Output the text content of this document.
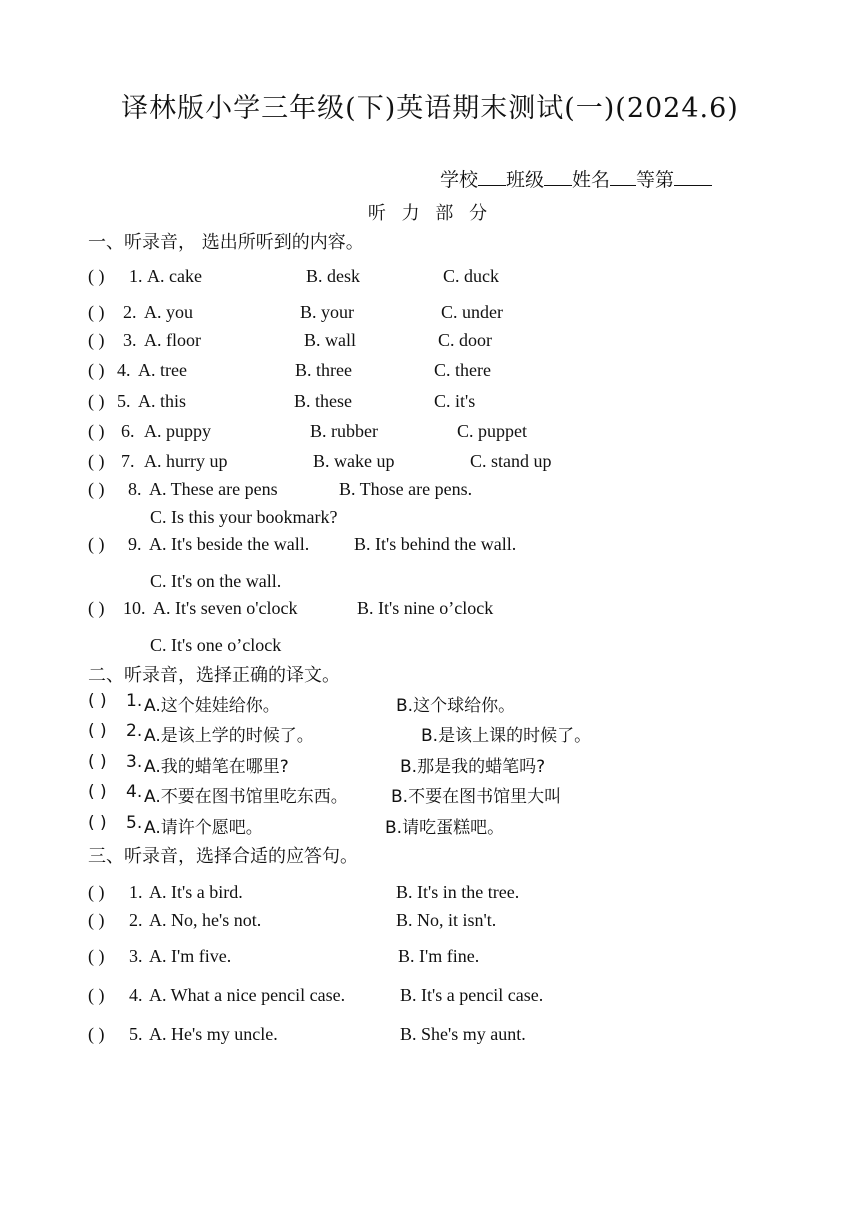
译林版小学三年级(下)英语期末测试(一)(2024.6)
学校 班级 姓名 等第
听 力 部 分
一、听录音， 选出所听到的内容。
( ) 1. A. cake	B. desk	C. duck
( ) 2. A. you	B. your	C. under
( ) 3. A. floor	B. wall	C. door
( ) 4. A. tree	B. three	C. there
( ) 5. A. this	B. these	C. it's
( ) 6. A. puppy	B. rubber	C. puppet
( ) 7. A. hurry up	B. wake up	C. stand up
( ) 8. A. These are pens	B. Those are pens.
C. Is this your bookmark?
( ) 9. A. It's beside the wall. B. It's behind the wall.
C. It's on the wall.
( ) 10. A. It's seven o'clock	B. It's nine o’clock
C. It's one o’clock
二、听录音，选择正确的译文。
( ) 1. A.这个娃娃给你。	B.这个球给你。
( ) 2. A.是该上学的时候了。	B.是该上课的时候了。
( ) 3. A.我的蜡笔在哪里?	B.那是我的蜡笔吗?
( ) 4. A.不要在图书馆里吃东西。	B.不要在图书馆里大叫
( ) 5. A.请许个愿吧。	B.请吃蛋糕吧。
三、听录音，选择合适的应答句。
( ) 1. A. It's a bird.	B. It's in the tree.
( ) 2. A. No, he's not.	B. No, it isn't.
( ) 3. A. I'm five.	B. I'm fine.
( ) 4. A. What a nice pencil case.	B. It's a pencil case.
( ) 5. A. He's my uncle.	B. She's my aunt.
